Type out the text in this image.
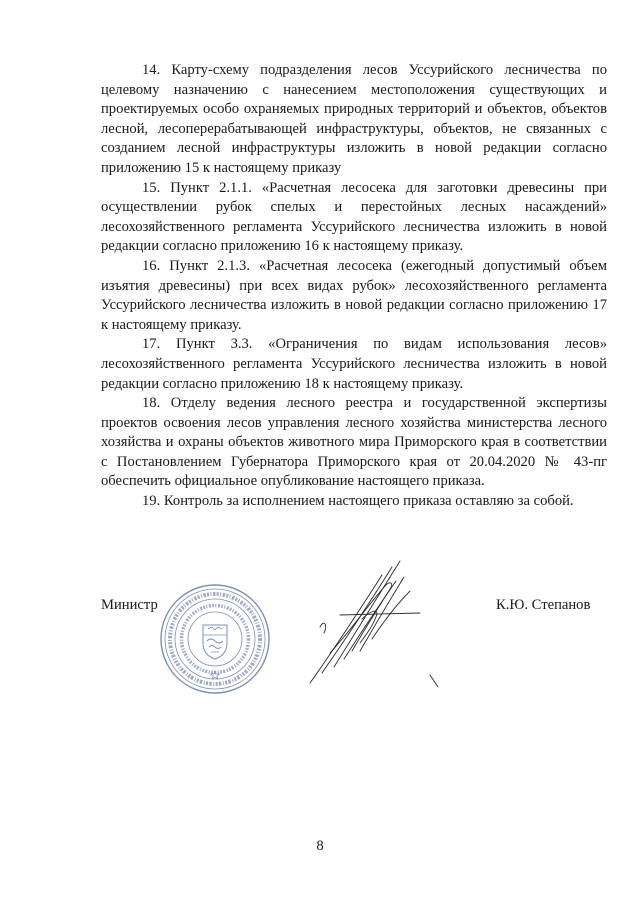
14. Карту-схему подразделения лесов Уссурийского лесничества по целевому назначению с нанесением местоположения существующих и проектируемых особо охраняемых природных территорий и объектов, объектов лесной, лесоперерабатывающей инфраструктуры, объектов, не связанных с созданием лесной инфраструктуры изложить в новой редакции согласно приложению 15 к настоящему приказу

15. Пункт 2.1.1. «Расчетная лесосека для заготовки древесины при осуществлении рубок спелых и перестойных лесных насаждений» лесохозяйственного регламента Уссурийского лесничества изложить в новой редакции согласно приложению 16 к настоящему приказу.

16. Пункт 2.1.3. «Расчетная лесосека (ежегодный допустимый объем изъятия древесины) при всех видах рубок» лесохозяйственного регламента Уссурийского лесничества изложить в новой редакции согласно приложению 17 к настоящему приказу.

17. Пункт 3.3. «Ограничения по видам использования лесов» лесохозяйственного регламента Уссурийского лесничества изложить в новой редакции согласно приложению 18 к настоящему приказу.

18. Отделу ведения лесного реестра и государственной экспертизы проектов освоения лесов управления лесного хозяйства министерства лесного хозяйства и охраны объектов животного мира Приморского края в соответствии с Постановлением Губернатора Приморского края от 20.04.2020 № 43-пг обеспечить официальное опубликование настоящего приказа.

19. Контроль за исполнением настоящего приказа оставляю за собой.

Министр	К.Ю. Степанов
8
